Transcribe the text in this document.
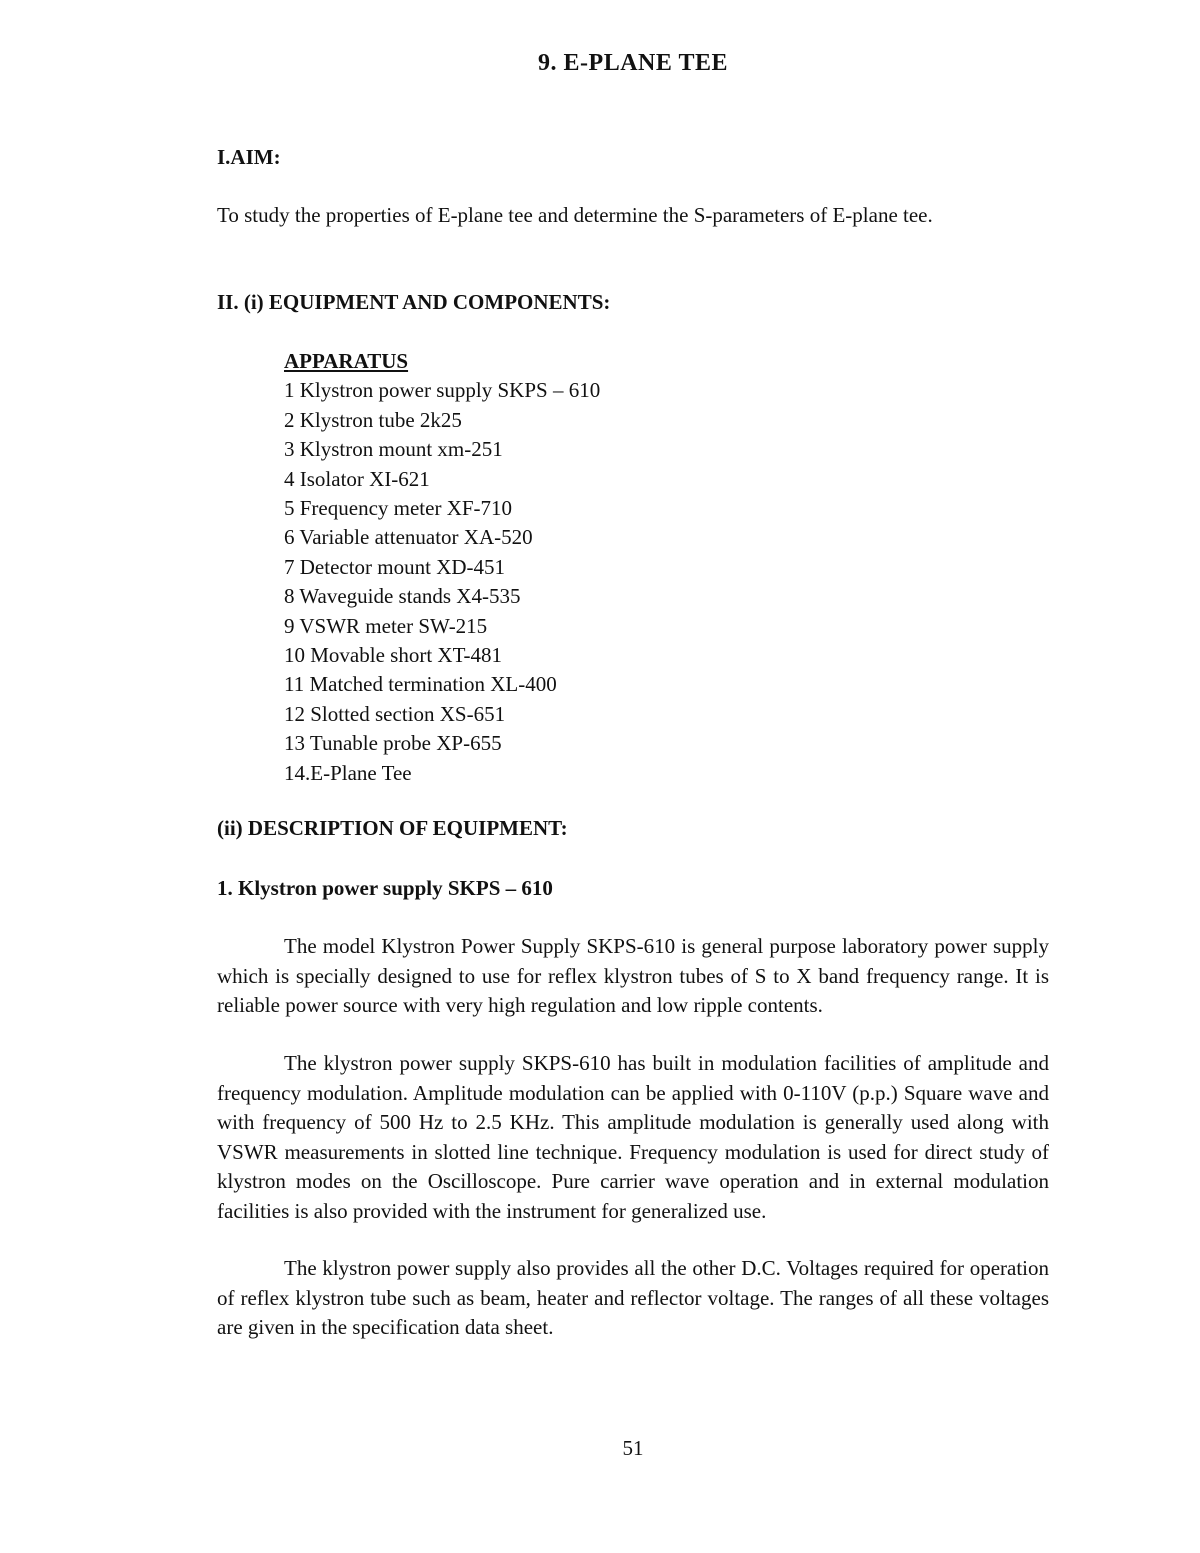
9. E-PLANE TEE
I.AIM:
To study the properties of E-plane tee and determine the S-parameters of E-plane tee.
II. (i) EQUIPMENT AND COMPONENTS:
APPARATUS
1 Klystron power supply SKPS – 610
2 Klystron tube 2k25
3 Klystron mount xm-251
4 Isolator XI-621
5 Frequency meter XF-710
6 Variable attenuator XA-520
7 Detector mount XD-451
8 Waveguide stands X4-535
9 VSWR meter SW-215
10 Movable short XT-481
11 Matched termination XL-400
12 Slotted section XS-651
13 Tunable probe XP-655
14.E-Plane Tee
(ii) DESCRIPTION OF EQUIPMENT:
1. Klystron power supply SKPS – 610

The model Klystron Power Supply SKPS-610 is general purpose laboratory power supply which is specially designed to use for reflex klystron tubes of S to X band frequency range. It is reliable power source with very high regulation and low ripple contents.

The klystron power supply SKPS-610 has built in modulation facilities of amplitude and frequency modulation. Amplitude modulation can be applied with 0-110V (p.p.) Square wave and with frequency of 500 Hz to 2.5 KHz. This amplitude modulation is generally used along with VSWR measurements in slotted line technique. Frequency modulation is used for direct study of klystron modes on the Oscilloscope. Pure carrier wave operation and in external modulation facilities is also provided with the instrument for generalized use.

The klystron power supply also provides all the other D.C. Voltages required for operation of reflex klystron tube such as beam, heater and reflector voltage. The ranges of all these voltages are given in the specification data sheet.

51
